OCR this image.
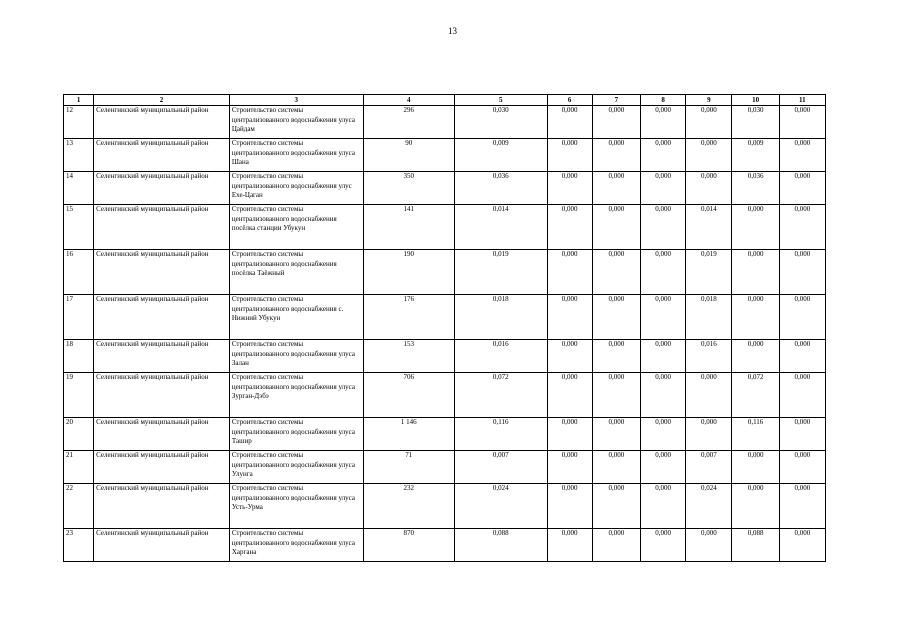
13
1	2	3	4	5	6	7	8	9	10	11
12	Селенгинский муниципальный район	Строительство системы централизованного водоснабжения улуса Цайдам	296	0,030	0,000	0,000	0,000	0,000	0,030	0,000
13	Селенгинский муниципальный район	Строительство системы централизованного водоснабжения улуса Шана	90	0,009	0,000	0,000	0,000	0,000	0,009	0,000
14	Селенгинский муниципальный район	Строительство системы централизованного водоснабжения улус Ехе-Цаган	350	0,036	0,000	0,000	0,000	0,000	0,036	0,000
15	Селенгинский муниципальный район	Строительство системы централизованного водоснабжения посёлка станции Убукун	141	0,014	0,000	0,000	0,000	0,014	0,000	0,000
16	Селенгинский муниципальный район	Строительство системы централизованного водоснабжения посёлка Таёжный	190	0,019	0,000	0,000	0,000	0,019	0,000	0,000
17	Селенгинский муниципальный район	Строительство системы централизованного водоснабжения с. Нижний Убукун	176	0,018	0,000	0,000	0,000	0,018	0,000	0,000
18	Селенгинский муниципальный район	Строительство системы централизованного водоснабжения улуса Залан	153	0,016	0,000	0,000	0,000	0,016	0,000	0,000
19	Селенгинский муниципальный район	Строительство системы централизованного водоснабжения улуса Зурган-Дэбэ	706	0,072	0,000	0,000	0,000	0,000	0,072	0,000
20	Селенгинский муниципальный район	Строительство системы централизованного водоснабжения улуса Ташир	1 146	0,116	0,000	0,000	0,000	0,000	0,116	0,000
21	Селенгинский муниципальный район	Строительство системы централизованного водоснабжения улуса Улунга	71	0,007	0,000	0,000	0,000	0,007	0,000	0,000
22	Селенгинский муниципальный район	Строительство системы централизованного водоснабжения улуса Усть-Урма	232	0,024	0,000	0,000	0,000	0,024	0,000	0,000
23	Селенгинский муниципальный район	Строительство системы централизованного водоснабжения улуса Харгана	870	0,088	0,000	0,000	0,000	0,000	0,088	0,000
